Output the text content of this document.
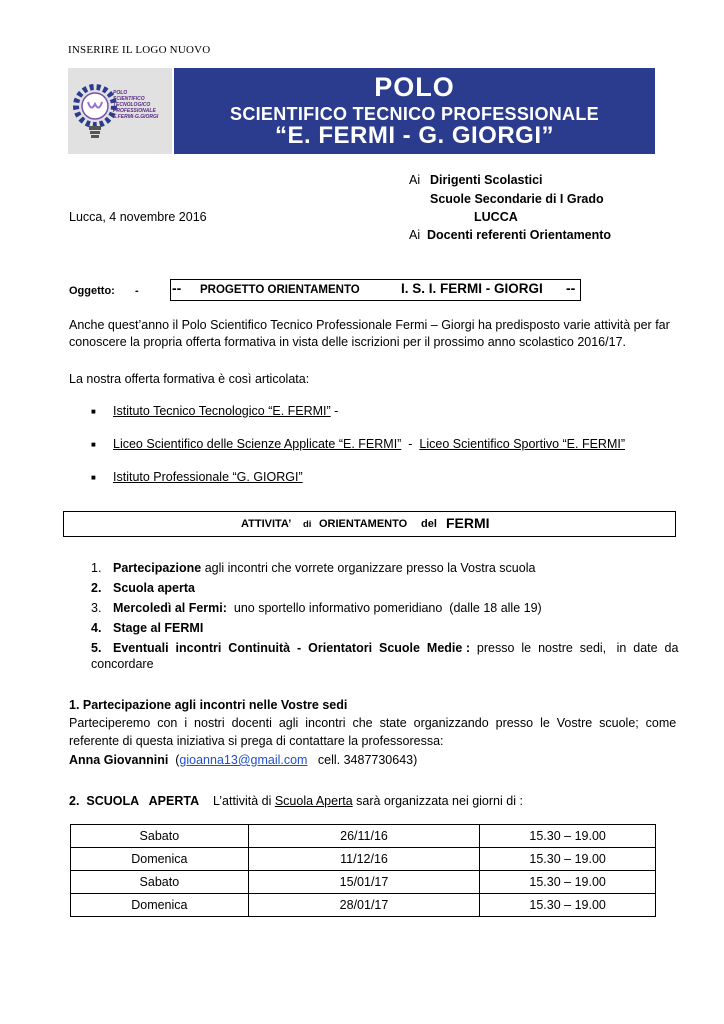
INSERIRE IL LOGO NUOVO
POLO
SCIENTIFICO
TECNOLOGICO
PROFESSIONALE
E.FERMI-G.GIORGI
POLO
SCIENTIFICO TECNICO PROFESSIONALE
“E. FERMI - G. GIORGI”
Ai Dirigenti Scolastici
Scuole Secondarie di I Grado
LUCCA
Ai Docenti referenti Orientamento
Lucca, 4 novembre 2016
Oggetto: - -- PROGETTO ORIENTAMENTO	I. S. I. FERMI - GIORGI --
Anche quest’anno il Polo Scientifico Tecnico Professionale Fermi – Giorgi ha predisposto varie attività per far
conoscere la propria offerta formativa in vista delle iscrizioni per il prossimo anno scolastico 2016/17.
La nostra offerta formativa è così articolata:
■ Istituto Tecnico Tecnologico “E. FERMI” -
■ Liceo Scientifico delle Scienze Applicate “E. FERMI”  -  Liceo Scientifico Sportivo “E. FERMI”
■ Istituto Professionale “G. GIORGI”
ATTIVITA’ di ORIENTAMENTO del FERMI
1. Partecipazione agli incontri che vorrete organizzare presso la Vostra scuola
2. Scuola aperta
3. Mercoledì al Fermi:  uno sportello informativo pomeridiano  (dalle 18 alle 19)
4. Stage al FERMI
5. Eventuali  incontri  Continuità  -  Orientatori  Scuole  Medie :  presso  le  nostre  sedi,   in  date  da
concordare
1. Partecipazione agli incontri nelle Vostre sedi
Parteciperemo  con  i  nostri  docenti  agli  incontri  che  state  organizzando  presso  le  Vostre  scuole;  come
referente di questa iniziativa si prega di contattare la professoressa:
Anna Giovannini  (gioanna13@gmail.com   cell. 3487730643)
2.  SCUOLA   APERTA L’attività di Scuola Aperta sarà organizzata nei giorni di :
Sabato	26/11/16	15.30 – 19.00
Domenica	11/12/16	15.30 – 19.00
Sabato	15/01/17	15.30 – 19.00
Domenica	28/01/17	15.30 – 19.00
